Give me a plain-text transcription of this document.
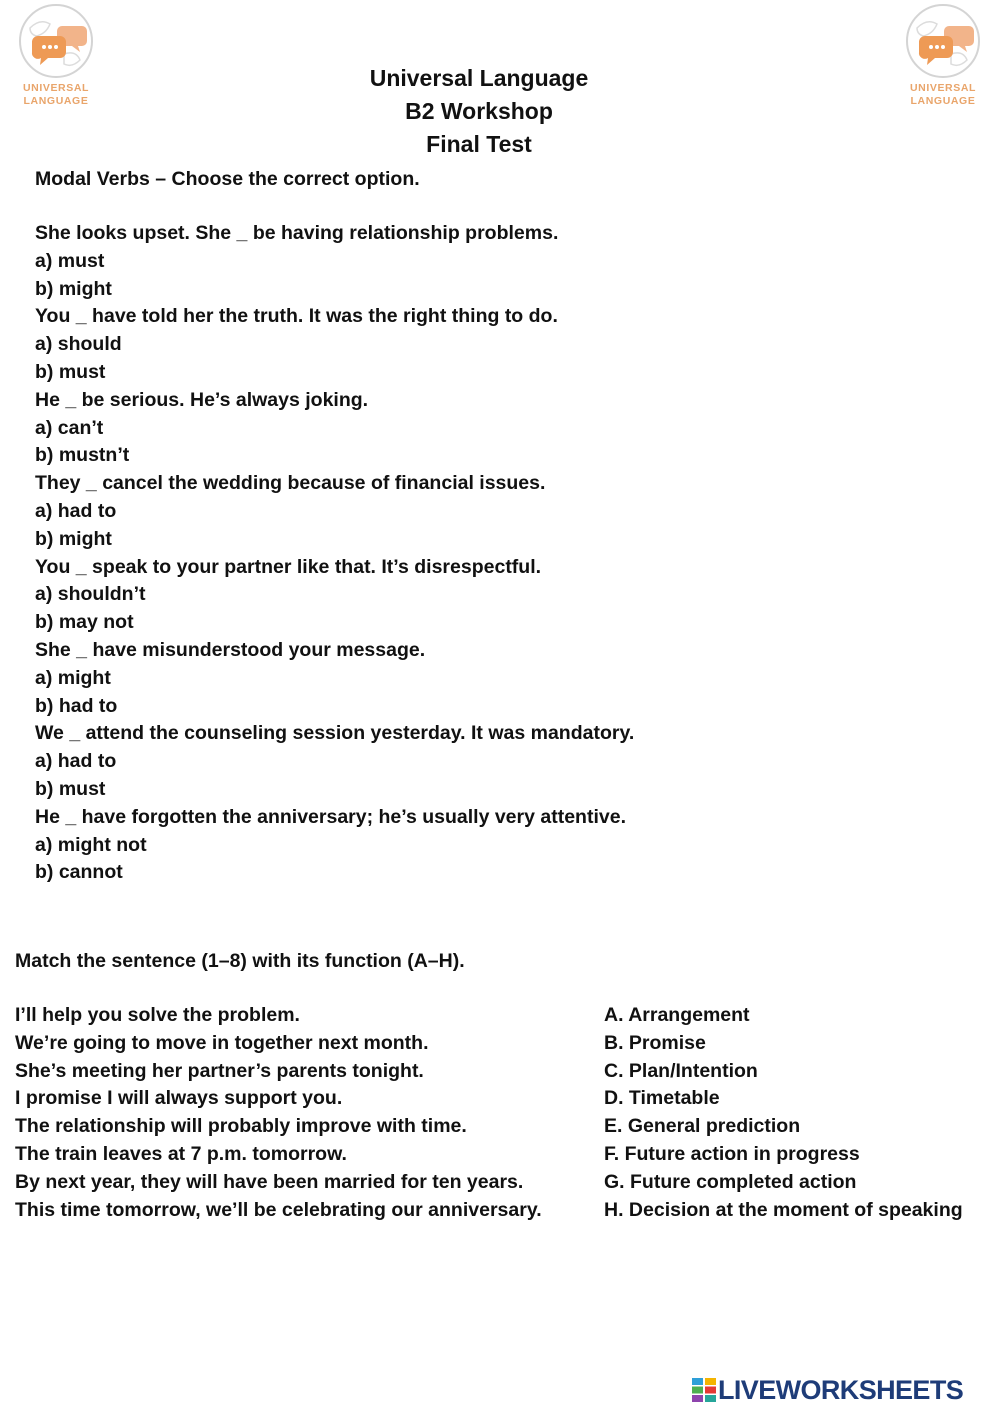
UNIVERSAL
LANGUAGE
UNIVERSAL
LANGUAGE
Universal Language
B2 Workshop
Final Test
Modal Verbs – Choose the correct option.
She looks upset. She _ be having relationship problems.
a) must
b) might
You _ have told her the truth. It was the right thing to do.
a) should
b) must
He _ be serious. He’s always joking.
a) can’t
b) mustn’t
They _ cancel the wedding because of financial issues.
a) had to
b) might
You _ speak to your partner like that. It’s disrespectful.
a) shouldn’t
b) may not
She _ have misunderstood your message.
a) might
b) had to
We _ attend the counseling session yesterday. It was mandatory.
a) had to
b) must
He _ have forgotten the anniversary; he’s usually very attentive.
a) might not
b) cannot
Match the sentence (1–8) with its function (A–H).
I’ll help you solve the problem.
We’re going to move in together next month.
She’s meeting her partner’s parents tonight.
I promise I will always support you.
The relationship will probably improve with time.
The train leaves at 7 p.m. tomorrow.
By next year, they will have been married for ten years.
This time tomorrow, we’ll be celebrating our anniversary.
A. Arrangement
B. Promise
C. Plan/Intention
D. Timetable
E. General prediction
F. Future action in progress
G. Future completed action
H. Decision at the moment of speaking
LIVEWORKSHEETS
